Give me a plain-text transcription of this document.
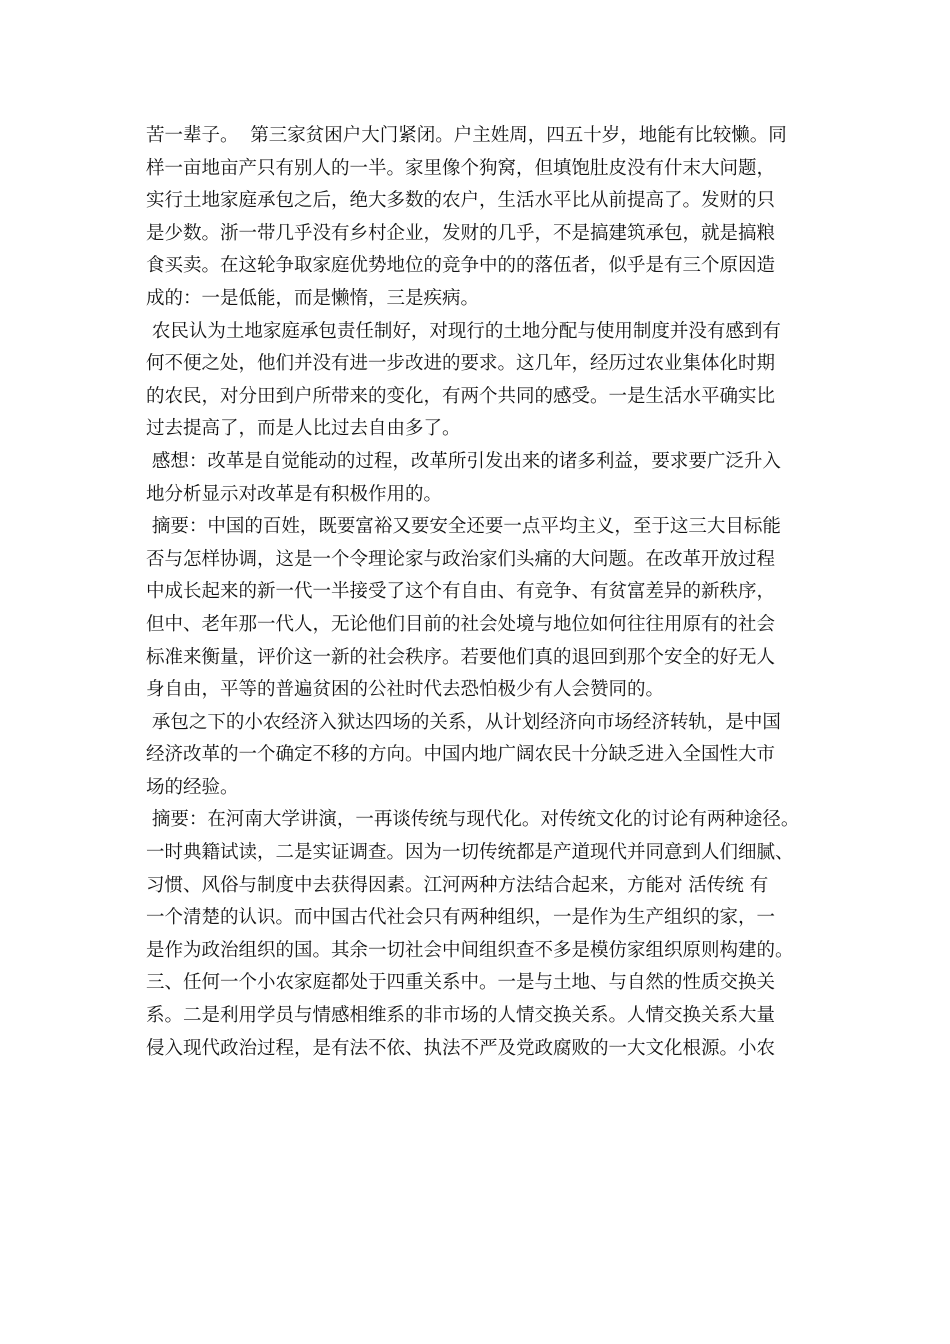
苦一辈子。  第三家贫困户大门紧闭。户主姓周，四五十岁，地能有比较懒。同
样一亩地亩产只有别人的一半。家里像个狗窝，但填饱肚皮没有什末大问题，
实行土地家庭承包之后，绝大多数的农户，生活水平比从前提高了。发财的只
是少数。浙一带几乎没有乡村企业，发财的几乎，不是搞建筑承包，就是搞粮
食买卖。在这轮争取家庭优势地位的竞争中的的落伍者，似乎是有三个原因造
成的：一是低能，而是懒惰，三是疾病。
农民认为土地家庭承包责任制好，对现行的土地分配与使用制度并没有感到有
何不便之处，他们并没有进一步改进的要求。这几年，经历过农业集体化时期
的农民，对分田到户所带来的变化，有两个共同的感受。一是生活水平确实比
过去提高了，而是人比过去自由多了。
感想：改革是自觉能动的过程，改革所引发出来的诸多利益，要求要广泛升入
地分析显示对改革是有积极作用的。
摘要：中国的百姓，既要富裕又要安全还要一点平均主义，至于这三大目标能
否与怎样协调，这是一个令理论家与政治家们头痛的大问题。在改革开放过程
中成长起来的新一代一半接受了这个有自由、有竞争、有贫富差异的新秩序，
但中、老年那一代人，无论他们目前的社会处境与地位如何往往用原有的社会
标准来衡量，评价这一新的社会秩序。若要他们真的退回到那个安全的好无人
身自由，平等的普遍贫困的公社时代去恐怕极少有人会赞同的。
承包之下的小农经济入狱达四场的关系，从计划经济向市场经济转轨，是中国
经济改革的一个确定不移的方向。中国内地广阔农民十分缺乏进入全国性大市
场的经验。
摘要：在河南大学讲演，一再谈传统与现代化。对传统文化的讨论有两种途径。
一时典籍试读，二是实证调查。因为一切传统都是产道现代并同意到人们细腻、
习惯、风俗与制度中去获得因素。江河两种方法结合起来，方能对 活传统 有
一个清楚的认识。而中国古代社会只有两种组织，一是作为生产组织的家，一
是作为政治组织的国。其余一切社会中间组织查不多是模仿家组织原则构建的。
三、任何一个小农家庭都处于四重关系中。一是与土地、与自然的性质交换关
系。二是利用学员与情感相维系的非市场的人情交换关系。人情交换关系大量
侵入现代政治过程，是有法不依、执法不严及党政腐败的一大文化根源。小农
